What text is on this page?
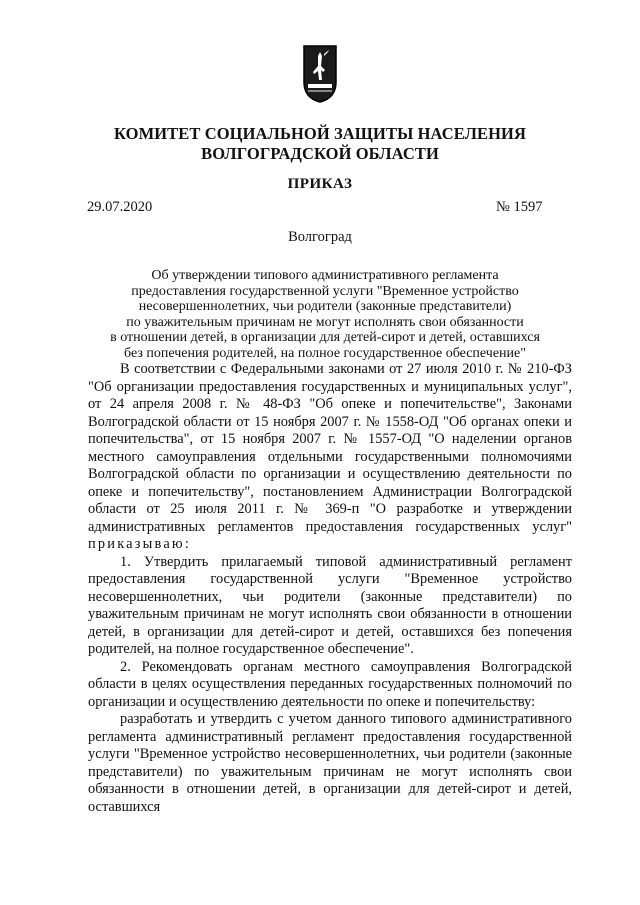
КОМИТЕТ СОЦИАЛЬНОЙ ЗАЩИТЫ НАСЕЛЕНИЯ
ВОЛГОГРАДСКОЙ ОБЛАСТИ
ПРИКАЗ
29.07.2020	№ 1597
Волгоград
Об утверждении типового административного регламента
предоставления государственной услуги "Временное устройство
несовершеннолетних, чьи родители (законные представители)
по уважительным причинам не могут исполнять свои обязанности
в отношении детей, в организации для детей-сирот и детей, оставшихся
без попечения родителей, на полное государственное обеспечение"

В соответствии с Федеральными законами от 27 июля 2010 г. № 210-ФЗ "Об организации предоставления государственных и муниципальных услуг", от 24 апреля 2008 г. № 48-ФЗ "Об опеке и попечительстве", Законами Волгоградской области от 15 ноября 2007 г. № 1558-ОД "Об органах опеки и попечительства", от 15 ноября 2007 г. № 1557-ОД "О наделении органов местного самоуправления отдельными государственными полномочиями Волгоградской области по организации и осуществлению деятельности по опеке и попечительству", постановлением Администрации Волгоградской области от 25 июля 2011 г. № 369-п "О разработке и утверждении административных регламентов предоставления государственных услуг" приказываю:

1. Утвердить прилагаемый типовой административный регламент предоставления государственной услуги "Временное устройство несовершеннолетних, чьи родители (законные представители) по уважительным причинам не могут исполнять свои обязанности в отношении детей, в организации для детей-сирот и детей, оставшихся без попечения родителей, на полное государственное обеспечение".

2. Рекомендовать органам местного самоуправления Волгоградской области в целях осуществления переданных государственных полномочий по организации и осуществлению деятельности по опеке и попечительству:

разработать и утвердить с учетом данного типового административного регламента административный регламент предоставления государственной услуги "Временное устройство несовершеннолетних, чьи родители (законные представители) по уважительным причинам не могут исполнять свои обязанности в отношении детей, в организации для детей-сирот и детей, оставшихся
